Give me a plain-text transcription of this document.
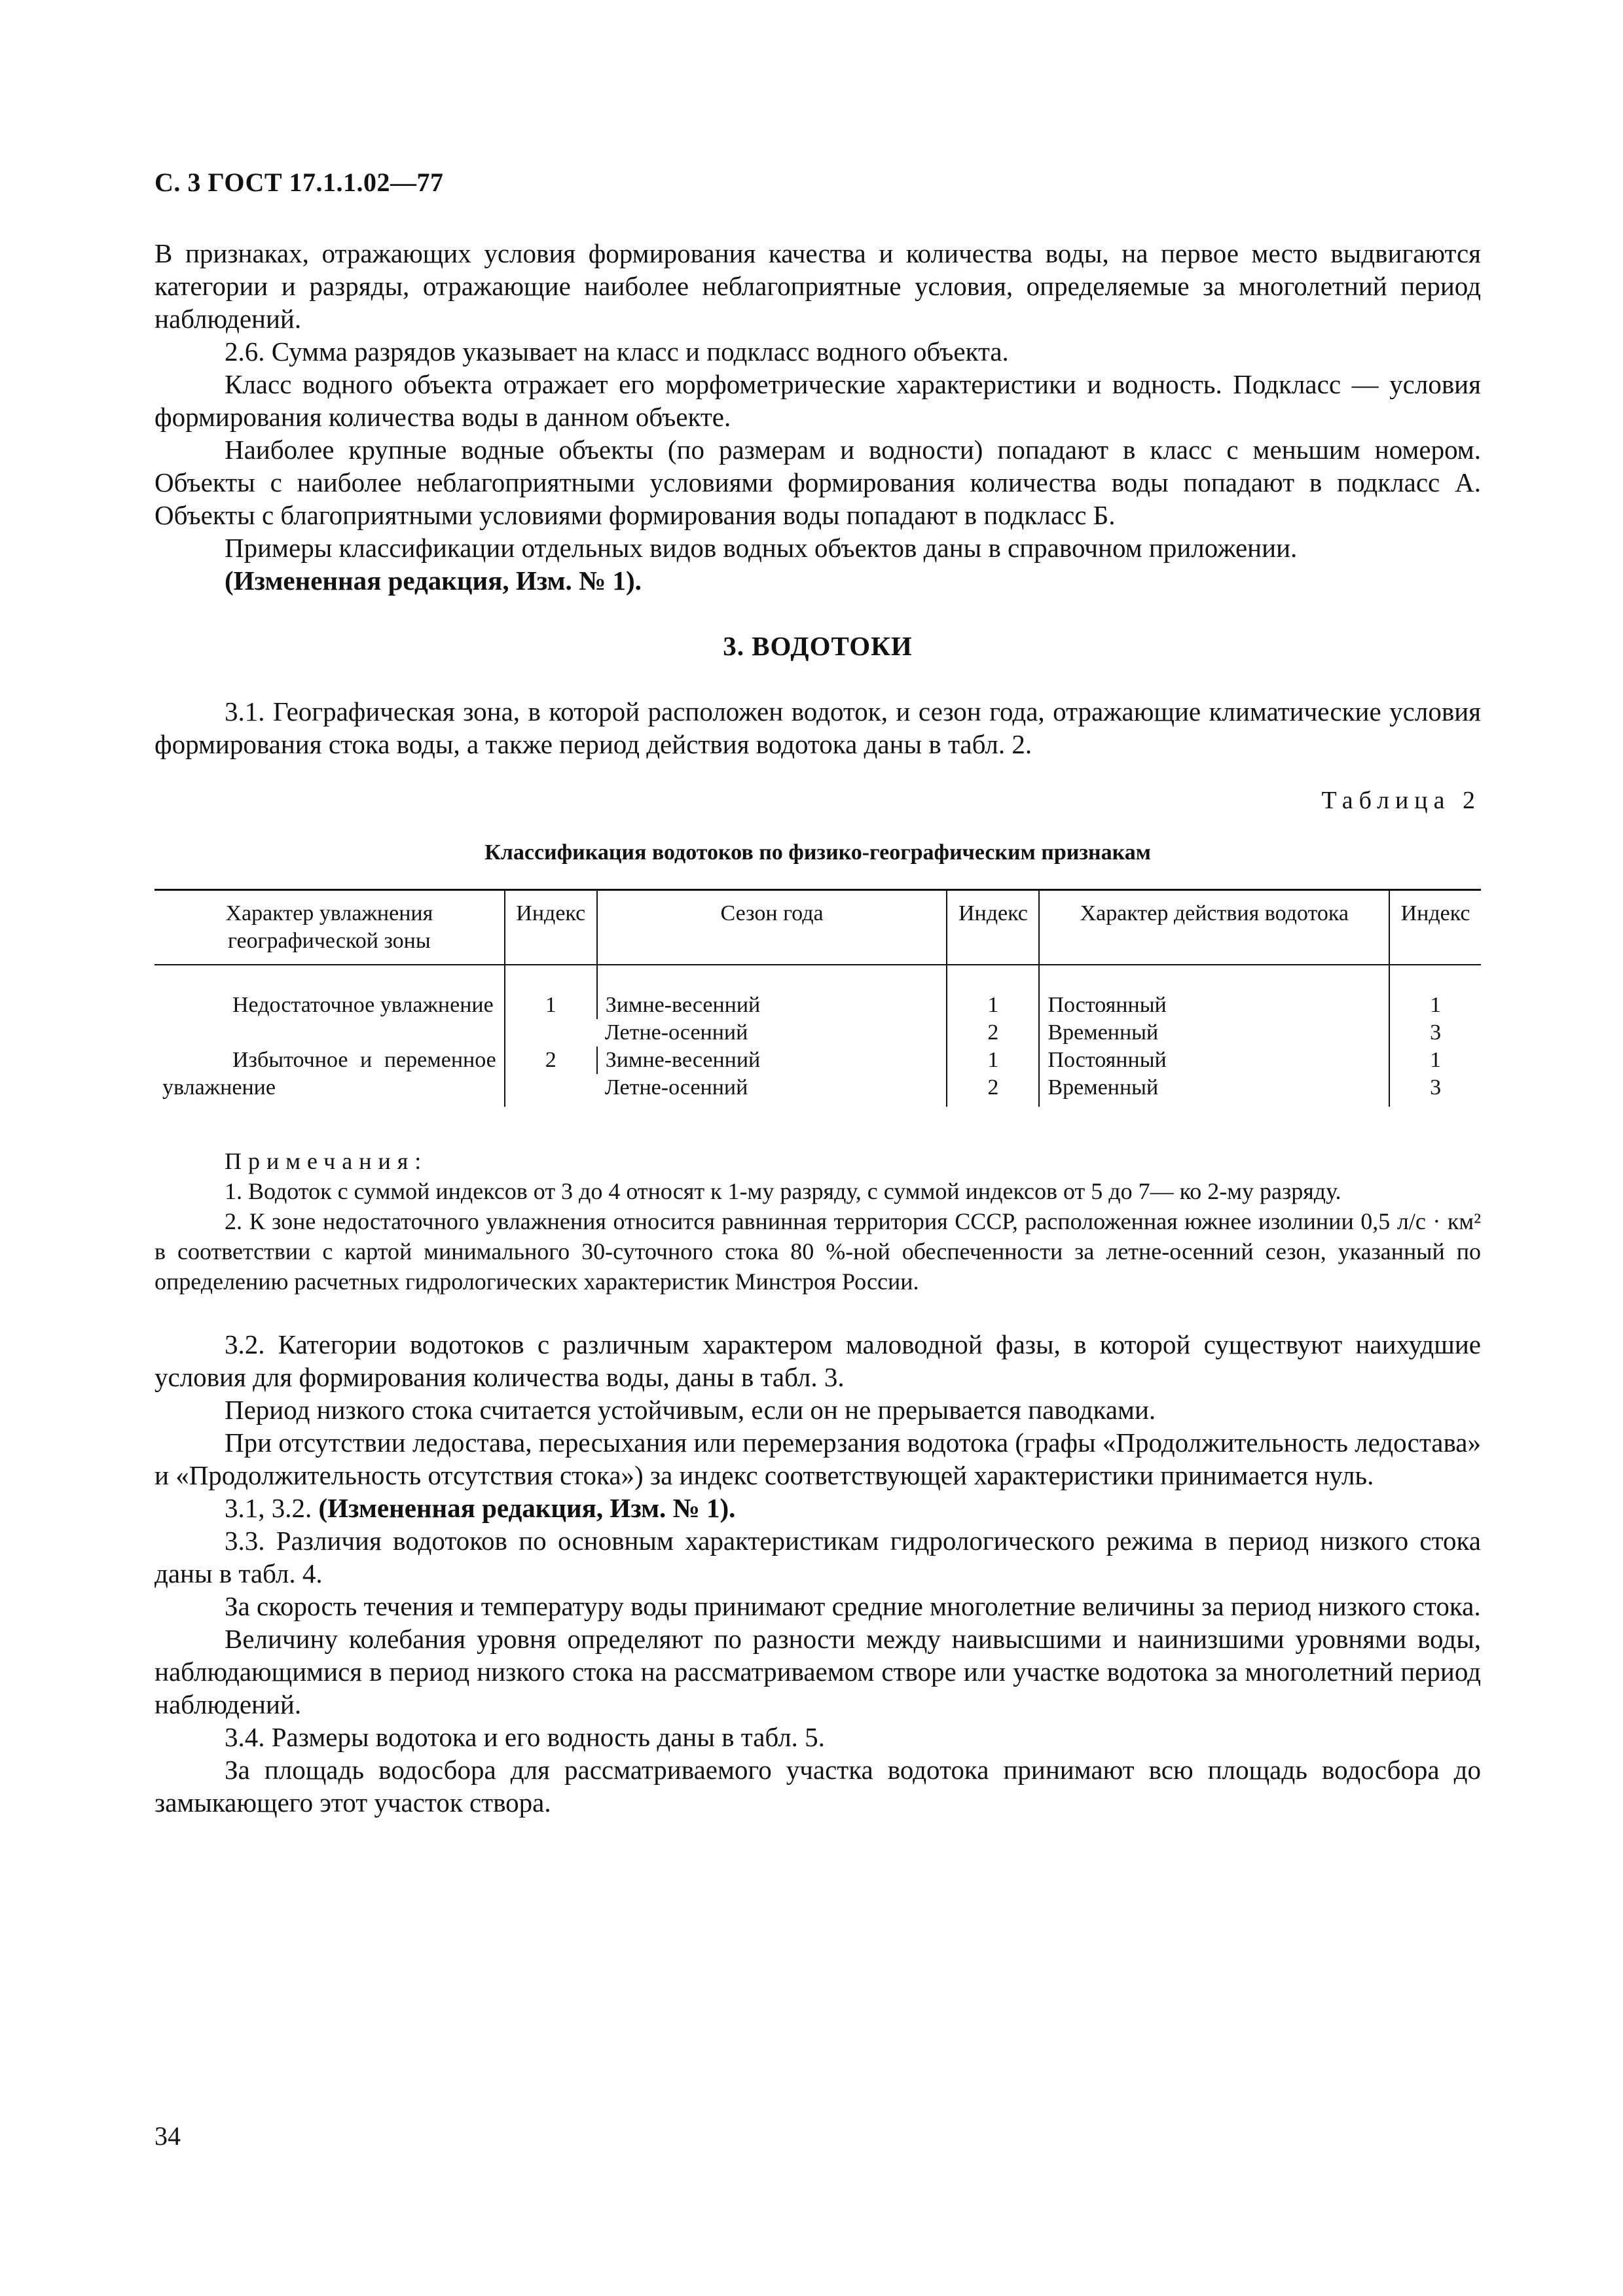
С. 3 ГОСТ 17.1.1.02—77

В признаках, отражающих условия формирования качества и количества воды, на первое место выдвигаются категории и разряды, отражающие наиболее неблагоприятные условия, определяемые за многолетний период наблюдений.

2.6. Сумма разрядов указывает на класс и подкласс водного объекта.

Класс водного объекта отражает его морфометрические характеристики и водность. Подкласс — условия формирования количества воды в данном объекте.

Наиболее крупные водные объекты (по размерам и водности) попадают в класс с меньшим номером. Объекты с наиболее неблагоприятными условиями формирования количества воды попадают в подкласс А. Объекты с благоприятными условиями формирования воды попадают в подкласс Б.

Примеры классификации отдельных видов водных объектов даны в справочном приложении.

(Измененная редакция, Изм. № 1).

3. ВОДОТОКИ

3.1. Географическая зона, в которой расположен водоток, и сезон года, отражающие климатические условия формирования стока воды, а также период действия водотока даны в табл. 2.

Таблица 2
Классификация водотоков по физико-географическим признакам
Характер увлажнения географической зоны	Индекс	Сезон года	Индекс	Характер действия водотока	Индекс
Недостаточное увлажнение	1	Зимне-весенний	1	Постоянный	1
		Летне-осенний	2	Временный	3
Избыточное и переменное увлажнение	2	Зимне-весенний	1	Постоянный	1
		Летне-осенний	2	Временный	3

Примечания:

1. Водоток с суммой индексов от 3 до 4 относят к 1-му разряду, с суммой индексов от 5 до 7— ко 2-му разряду.

2. К зоне недостаточного увлажнения относится равнинная территория СССР, расположенная южнее изолинии 0,5 л/с · км² в соответствии с картой минимального 30-суточного стока 80 %-ной обеспеченности за летне-осенний сезон, указанный по определению расчетных гидрологических характеристик Минстроя России.

3.2. Категории водотоков с различным характером маловодной фазы, в которой существуют наихудшие условия для формирования количества воды, даны в табл. 3.

Период низкого стока считается устойчивым, если он не прерывается паводками.

При отсутствии ледостава, пересыхания или перемерзания водотока (графы «Продолжительность ледостава» и «Продолжительность отсутствия стока») за индекс соответствующей характеристики принимается нуль.

3.1, 3.2. (Измененная редакция, Изм. № 1).

3.3. Различия водотоков по основным характеристикам гидрологического режима в период низкого стока даны в табл. 4.

За скорость течения и температуру воды принимают средние многолетние величины за период низкого стока.

Величину колебания уровня определяют по разности между наивысшими и наинизшими уровнями воды, наблюдающимися в период низкого стока на рассматриваемом створе или участке водотока за многолетний период наблюдений.

3.4. Размеры водотока и его водность даны в табл. 5.

За площадь водосбора для рассматриваемого участка водотока принимают всю площадь водосбора до замыкающего этот участок створа.

34
